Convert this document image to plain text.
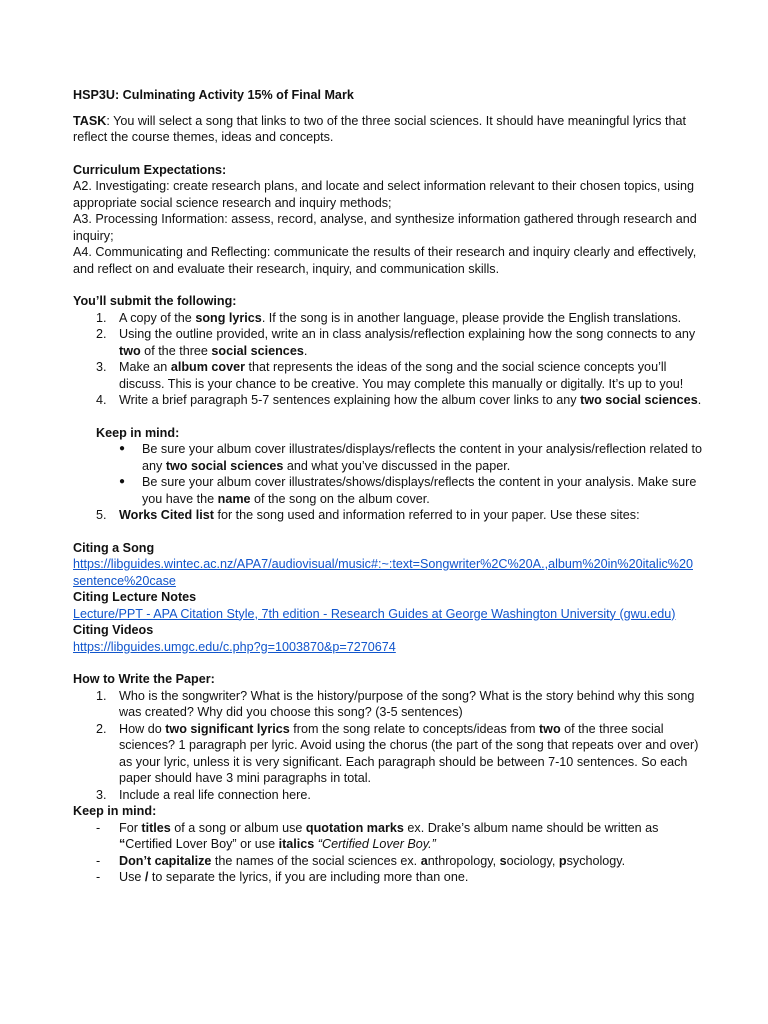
HSP3U: Culminating Activity 15% of Final Mark

TASK: You will select a song that links to two of the three social sciences. It should have meaningful lyrics that reflect the course themes, ideas and concepts.

Curriculum Expectations:

A2. Investigating: create research plans, and locate and select information relevant to their chosen topics, using appropriate social science research and inquiry methods;

A3. Processing Information: assess, record, analyse, and synthesize information gathered through research and inquiry;

A4. Communicating and Reflecting: communicate the results of their research and inquiry clearly and effectively, and reflect on and evaluate their research, inquiry, and communication skills.

You’ll submit the following:

1. A copy of the song lyrics. If the song is in another language, please provide the English translations.
2. Using the outline provided, write an in class analysis/reflection explaining how the song connects to any two of the three social sciences.
3. Make an album cover that represents the ideas of the song and the social science concepts you’ll discuss. This is your chance to be creative. You may complete this manually or digitally. It’s up to you!
4. Write a brief paragraph 5-7 sentences explaining how the album cover links to any two social sciences.

Keep in mind:

● Be sure your album cover illustrates/displays/reflects the content in your analysis/reflection related to any two social sciences and what you’ve discussed in the paper.
● Be sure your album cover illustrates/shows/displays/reflects the content in your analysis. Make sure you have the name of the song on the album cover.
5. Works Cited list for the song used and information referred to in your paper. Use these sites:

Citing a Song

https://libguides.wintec.ac.nz/APA7/audiovisual/music#:~:text=Songwriter%2C%20A.,album%20in%20italic%20sentence%20case

Citing Lecture Notes

Lecture/PPT - APA Citation Style, 7th edition - Research Guides at George Washington University (gwu.edu)

Citing Videos

https://libguides.umgc.edu/c.php?g=1003870&p=7270674

How to Write the Paper:

1. Who is the songwriter? What is the history/purpose of the song? What is the story behind why this song was created? Why did you choose this song? (3-5 sentences)
2. How do two significant lyrics from the song relate to concepts/ideas from two of the three social sciences? 1 paragraph per lyric. Avoid using the chorus (the part of the song that repeats over and over) as your lyric, unless it is very significant. Each paragraph should be between 7-10 sentences. So each paper should have 3 mini paragraphs in total.
3. Include a real life connection here.

Keep in mind:

- For titles of a song or album use quotation marks ex. Drake’s album name should be written as “Certified Lover Boy” or use italics “Certified Lover Boy.”
- Don’t capitalize the names of the social sciences ex. anthropology, sociology, psychology.
- Use / to separate the lyrics, if you are including more than one.
